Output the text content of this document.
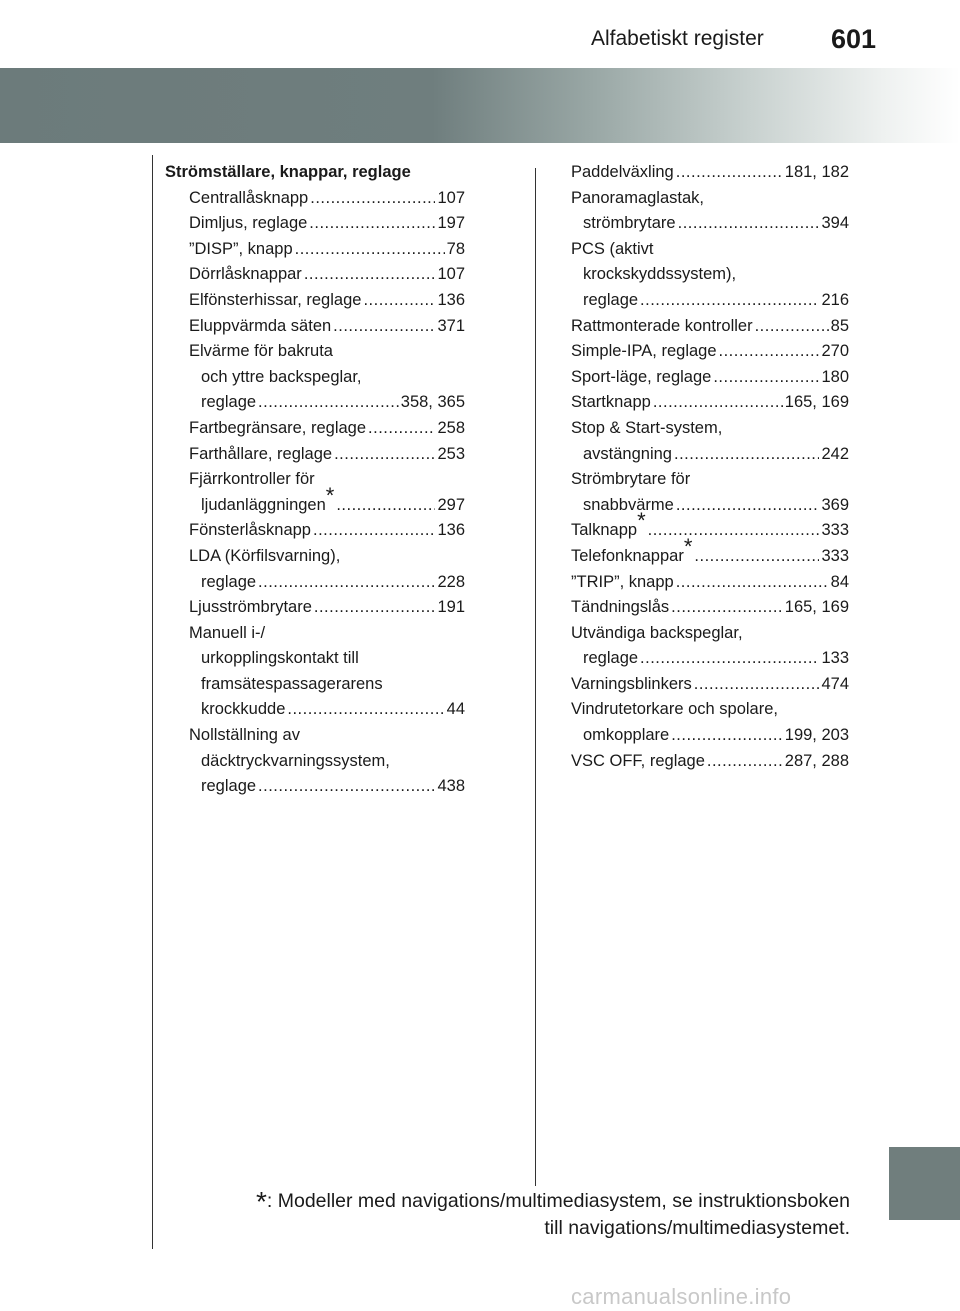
Alfabetiskt register 601
Strömställare, knappar, reglage
Centrallåsknapp .....	107
Dimljus, reglage .....	197
”DISP”, knapp .....	78
Dörrlåsknappar .....	107
Elfönsterhissar, reglage .....	136
Eluppvärmda säten .....	371
Elvärme för bakruta
och yttre backspeglar,
reglage .....	358, 365
Fartbegränsare, reglage .....	258
Farthållare, reglage .....	253
Fjärrkontroller för
ljudanläggningen* .....	297
Fönsterlåsknapp .....	136
LDA (Körfilsvarning),
reglage .....	228
Ljusströmbrytare .....	191
Manuell i-/
urkopplingskontakt till
framsätespassagerarens
krockkudde .....	44
Nollställning av
däcktryckvarningssystem,
reglage .....	438
Paddelväxling .....	181, 182
Panoramaglastak,
strömbrytare .....	394
PCS (aktivt
krockskyddssystem),
reglage .....	216
Rattmonterade kontroller .....	85
Simple-IPA, reglage .....	270
Sport-läge, reglage .....	180
Startknapp .....	165, 169
Stop & Start-system,
avstängning .....	242
Strömbrytare för
snabbvärme .....	369
Talknapp* .....	333
Telefonknappar* .....	333
”TRIP”, knapp .....	84
Tändningslås .....	165, 169
Utvändiga backspeglar,
reglage .....	133
Varningsblinkers .....	474
Vindrutetorkare och spolare,
omkopplare .....	199, 203
VSC OFF, reglage .....	287, 288
*: Modeller med navigations/multimediasystem, se instruktionsboken
till navigations/multimediasystemet.
carmanualsonline.info
